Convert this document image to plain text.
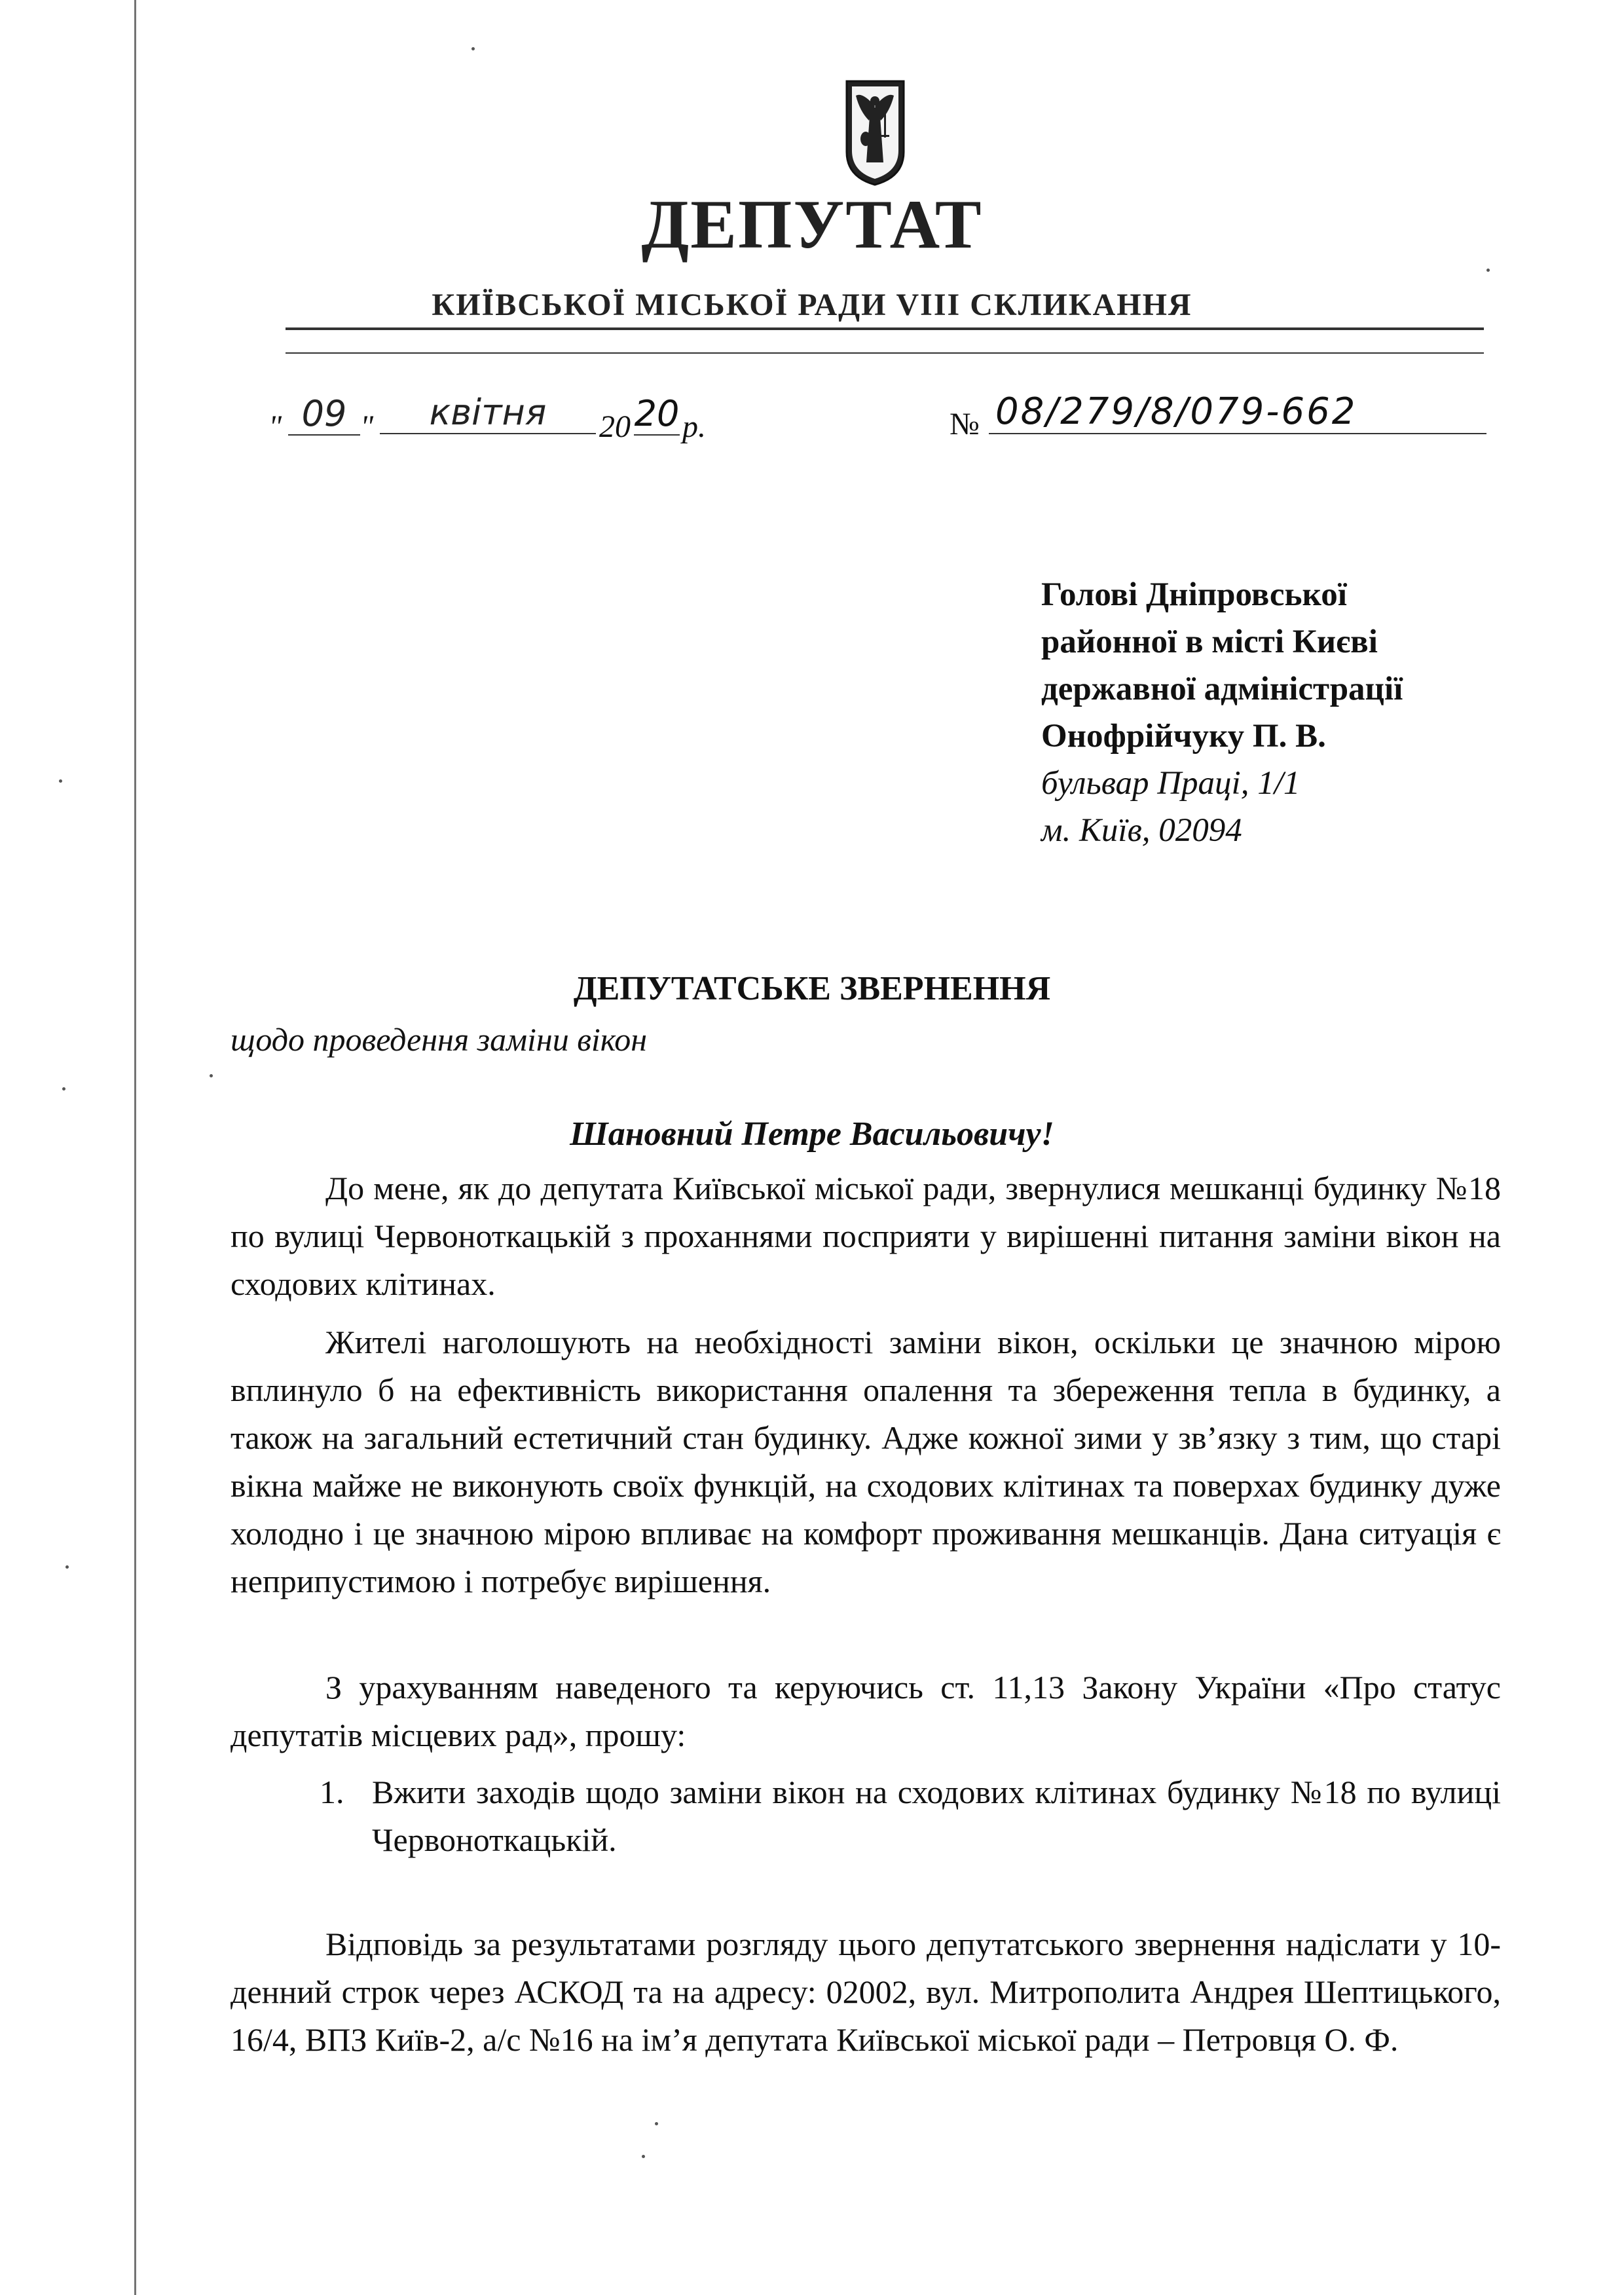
ДЕПУТАТ
КИЇВСЬКОЇ МІСЬКОЇ РАДИ VIII СКЛИКАННЯ
" 09 "	квітня	20 20 р.	№ 08/279/8/079-662
Голові Дніпровської
районної в місті Києві
державної адміністрації
Онофрійчуку П. В.
бульвар Праці, 1/1
м. Київ, 02094
ДЕПУТАТСЬКЕ ЗВЕРНЕННЯ
щодо проведення заміни вікон
Шановний Петре Васильовичу!

До мене, як до депутата Київської міської ради, звернулися мешканці будинку №18 по вулиці Червоноткацькій з проханнями посприяти у вирішенні питання заміни вікон на сходових клітинах.

Жителі наголошують на необхідності заміни вікон, оскільки це значною мірою вплинуло б на ефективність використання опалення та збереження тепла в будинку, а також на загальний естетичний стан будинку. Адже кожної зими у зв’язку з тим, що старі вікна майже не виконують своїх функцій, на сходових клітинах та поверхах будинку дуже холодно і це значною мірою впливає на комфорт проживання мешканців. Дана ситуація є неприпустимою і потребує вирішення.

З урахуванням наведеного та керуючись ст. 11,13 Закону України «Про статус депутатів місцевих рад», прошу:

1. Вжити заходів щодо заміни вікон на сходових клітинах будинку №18 по вулиці Червоноткацькій.

Відповідь за результатами розгляду цього депутатського звернення надіслати у 10-денний строк через АСКОД та на адресу: 02002, вул. Митрополита Андрея Шептицького, 16/4, ВПЗ Київ-2, а/с №16 на ім’я депутата Київської міської ради – Петровця О. Ф.
